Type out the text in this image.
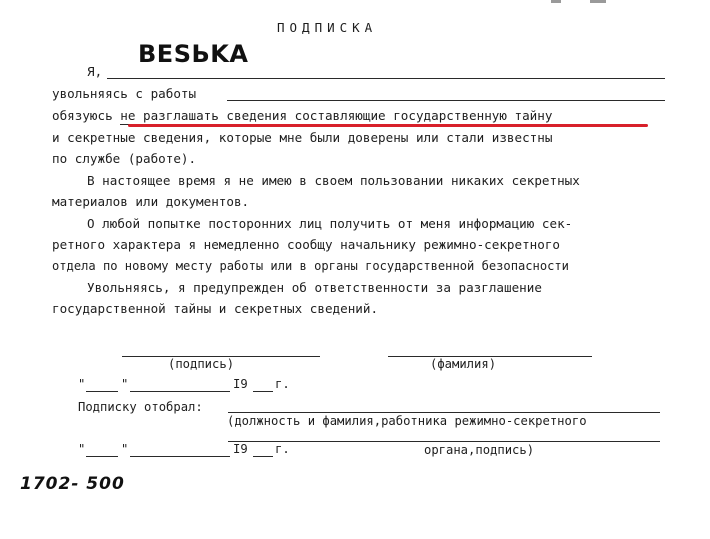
ПОДПИСКА
BESЬKA
Я,
увольняясь с работы
обязуюсь не разглашать сведения составляющие государственную тайну
и секретные сведения, которые мне были доверены или стали известны
по службе (работе).
В настоящее время я не имею в своем пользовании никаких секретных
материалов или документов.
О любой попытке посторонних лиц получить от меня информацию сек-
ретного характера я немедленно сообщу начальнику режимно-секретного
отдела по новому месту работы или в органы государственной безопасности
Увольняясь, я предупрежден об ответственности за разглашение
государственной тайны и секретных сведений.
(подпись)	(фамилия)
"	"	I9 г.
Подписку отобрал:
(должность и фамилия,работника режимно-секретного
"	"	I9 г.	органа,подпись)
1702- 500
